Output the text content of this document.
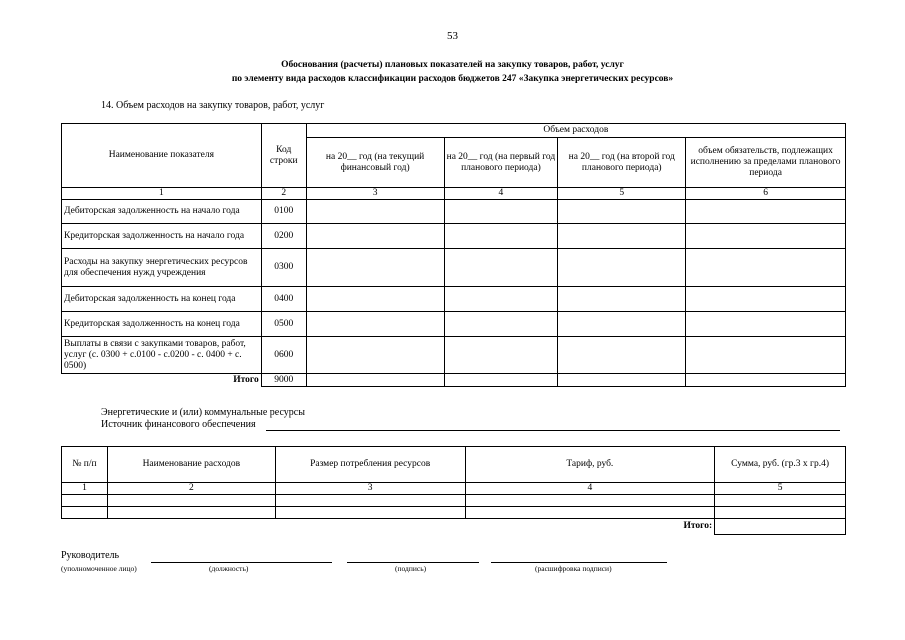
53
Обоснования (расчеты) плановых показателей на закупку товаров, работ, услуг
по элементу вида расходов классификации расходов бюджетов 247 «Закупка энергетических ресурсов»
14. Объем расходов на закупку товаров, работ, услуг
Наименование показателя	Код строки	Объем расходов			
		на 20__ год (на текущий финансовый год)	на 20__ год (на первый год планового периода)	на 20__ год (на второй год планового периода)	объем обязательств, подлежащих исполнению за пределами планового периода
1	2	3	4	5	6
Дебиторская задолженность на начало года	0100				
Кредиторская задолженность на начало года	0200				
Расходы на закупку энергетических ресурсов для обеспечения нужд учреждения	0300				
Дебиторская задолженность на конец года	0400				
Кредиторская задолженность на конец года	0500				
Выплаты в связи с закупками товаров, работ, услуг (с. 0300 + с.0100 - с.0200 - с. 0400 + с. 0500)	0600				
Итого	9000				
Энергетические и (или) коммунальные ресурсы
Источник финансового обеспечения
№ п/п	Наименование расходов	Размер потребления ресурсов	Тариф, руб.	Сумма, руб. (гр.3 х гр.4)
1	2	3	4	5

Итого:				
Руководитель
(уполномоченное лицо)	(должность)	(подпись)	(расшифровка подписи)
